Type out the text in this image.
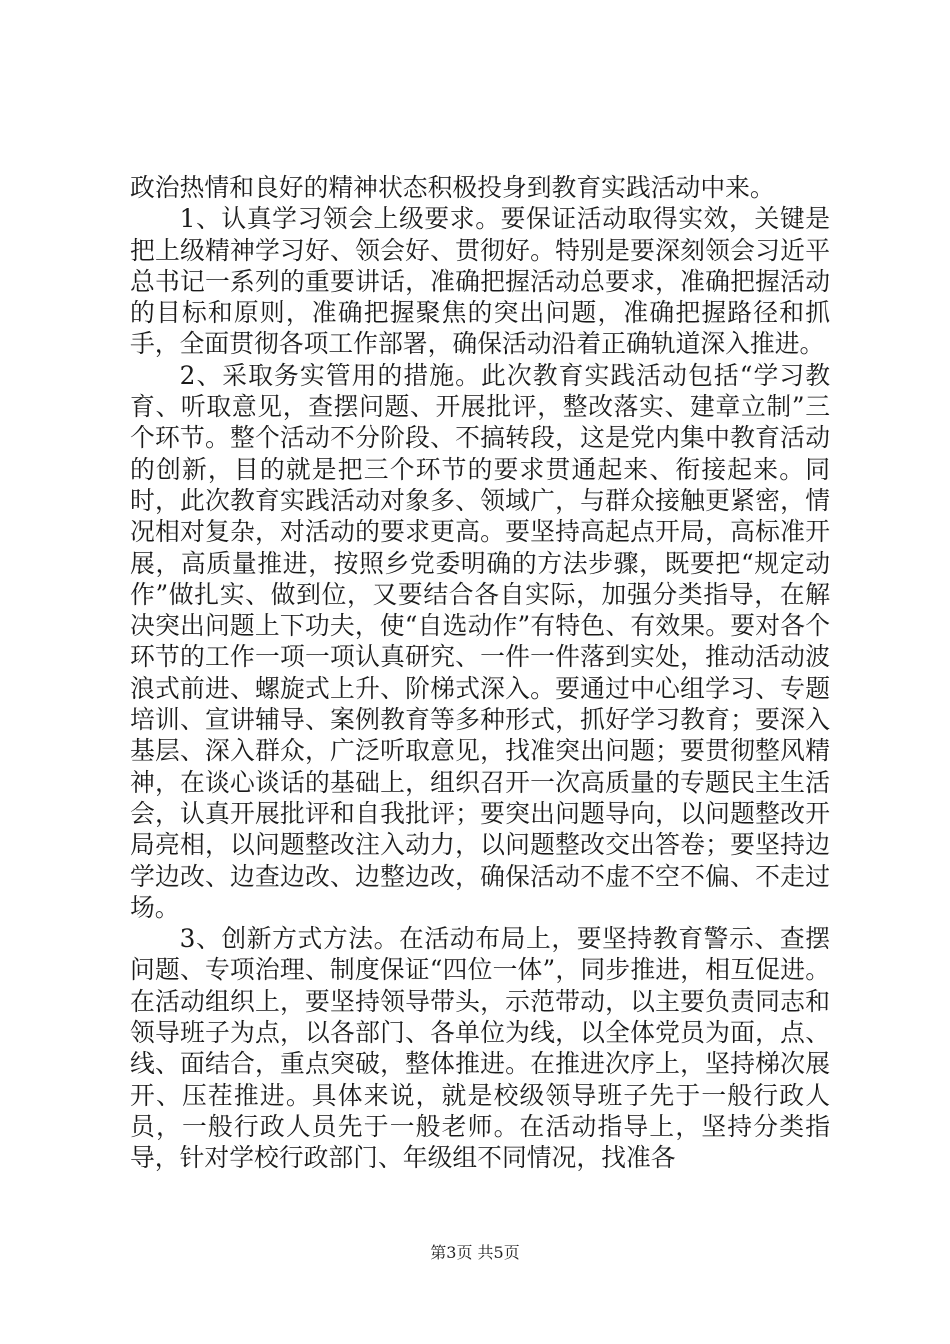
政治热情和良好的精神状态积极投身到教育实践活动中来。

1、认真学习领会上级要求。要保证活动取得实效，关键是把上级精神学习好、领会好、贯彻好。特别是要深刻领会习近平总书记一系列的重要讲话，准确把握活动总要求，准确把握活动的目标和原则，准确把握聚焦的突出问题，准确把握路径和抓手，全面贯彻各项工作部署，确保活动沿着正确轨道深入推进。

2、采取务实管用的措施。此次教育实践活动包括“学习教育、听取意见，查摆问题、开展批评，整改落实、建章立制”三个环节。整个活动不分阶段、不搞转段，这是党内集中教育活动的创新，目的就是把三个环节的要求贯通起来、衔接起来。同时，此次教育实践活动对象多、领域广，与群众接触更紧密，情况相对复杂，对活动的要求更高。要坚持高起点开局，高标准开展，高质量推进，按照乡党委明确的方法步骤，既要把“规定动作”做扎实、做到位，又要结合各自实际，加强分类指导，在解决突出问题上下功夫，使“自选动作”有特色、有效果。要对各个环节的工作一项一项认真研究、一件一件落到实处，推动活动波浪式前进、螺旋式上升、阶梯式深入。要通过中心组学习、专题培训、宣讲辅导、案例教育等多种形式，抓好学习教育；要深入基层、深入群众，广泛听取意见，找准突出问题；要贯彻整风精神，在谈心谈话的基础上，组织召开一次高质量的专题民主生活会，认真开展批评和自我批评；要突出问题导向，以问题整改开局亮相，以问题整改注入动力，以问题整改交出答卷；要坚持边学边改、边查边改、边整边改，确保活动不虚不空不偏、不走过场。

3、创新方式方法。在活动布局上，要坚持教育警示、查摆问题、专项治理、制度保证“四位一体”，同步推进，相互促进。在活动组织上，要坚持领导带头，示范带动，以主要负责同志和领导班子为点，以各部门、各单位为线，以全体党员为面，点、线、面结合，重点突破，整体推进。在推进次序上，坚持梯次展开、压茬推进。具体来说，就是校级领导班子先于一般行政人员，一般行政人员先于一般老师。在活动指导上，坚持分类指导，针对学校行政部门、年级组不同情况，找准各

第3页 共5页
